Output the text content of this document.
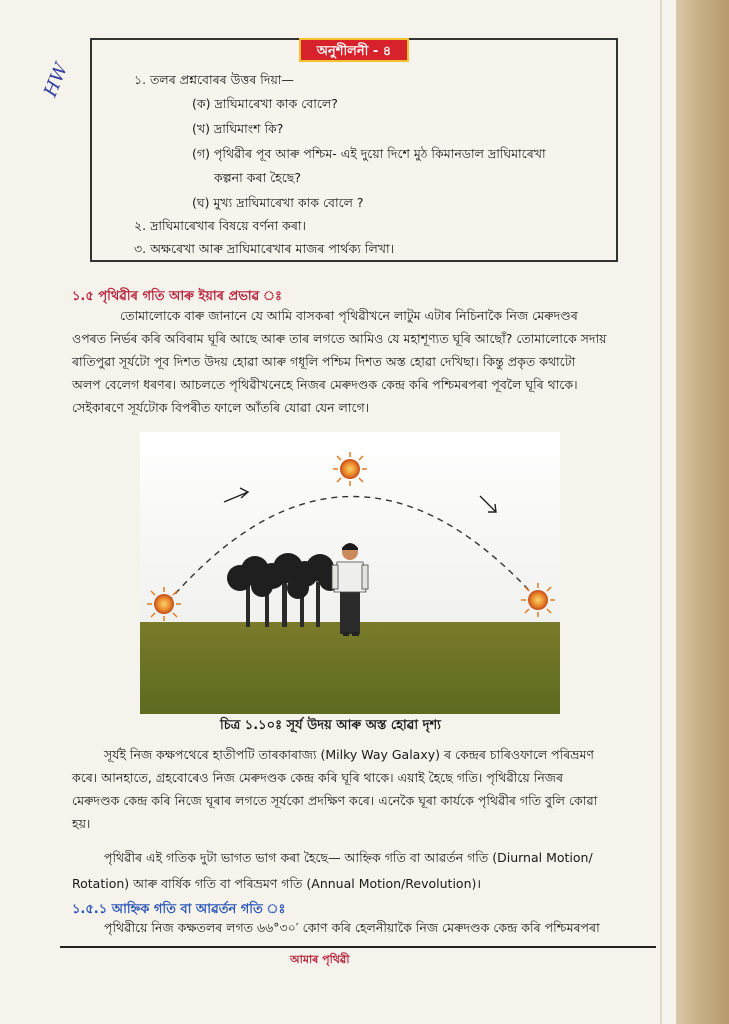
HW
অনুশীলনী - ৪
১. তলৰ প্ৰশ্নবোৰৰ উত্তৰ দিয়া—
(ক) দ্ৰাঘিমাৰেখা কাক বোলে?
(খ) দ্ৰাঘিমাংশ কি?
(গ) পৃথিৱীৰ পূব আৰু পশ্চিম- এই দুয়ো দিশে মুঠ কিমানডাল দ্ৰাঘিমাৰেখা
কল্পনা কৰা হৈছে?
(ঘ) মুখ্য দ্ৰাঘিমাৰেখা কাক বোলে ?
২. দ্ৰাঘিমাৰেখাৰ বিষয়ে বৰ্ণনা কৰা।
৩. অক্ষৰেখা আৰু দ্ৰাঘিমাৰেখাৰ মাজৰ পাৰ্থক্য লিখা।
১.৫ পৃথিৱীৰ গতি আৰু ইয়াৰ প্ৰভাৱ ঃ
তোমালোকে বাৰু জানানে যে আমি বাসকৰা পৃথিৱীখনে লাটুম এটাৰ নিচিনাকৈ নিজ মেৰুদণ্ডৰ
ওপৰত নিৰ্ভৰ কৰি অবিৰাম ঘূৰি আছে আৰু তাৰ লগতে আমিও যে মহাশূণ্যত ঘূৰি আছোঁ? তোমালোকে সদায়
ৰাতিপুৱা সূৰ্যটো পূব দিশত উদয় হোৱা আৰু গধূলি পশ্চিম দিশত অস্ত হোৱা দেখিছা। কিন্তু প্ৰকৃত কথাটো
অলপ বেলেগ ধৰণৰ। আচলতে পৃথিৱীখনেহে নিজৰ মেৰুদণ্ডক কেন্দ্ৰ কৰি পশ্চিমৰপৰা পূবলৈ ঘূৰি থাকে।
সেইকাৰণে সূৰ্যটোক বিপৰীত ফালে আঁতৰি যোৱা যেন লাগে।
চিত্ৰ ১.১০ঃ সূৰ্য উদয় আৰু অস্ত হোৱা দৃশ্য
সূৰ্যই নিজ কক্ষপথেৰে হাতীপটি তাৰকাৰাজ্য (Milky Way Galaxy) ৰ কেন্দ্ৰৰ চাৰিওফালে পৰিভ্ৰমণ
কৰে। আনহাতে, গ্ৰহবোৰেও নিজ মেৰুদণ্ডক কেন্দ্ৰ কৰি ঘূৰি থাকে। এয়াই হৈছে গতি। পৃথিৱীয়ে নিজৰ
মেৰুদণ্ডক কেন্দ্ৰ কৰি নিজে ঘূৰাৰ লগতে সূৰ্যকো প্ৰদক্ষিণ কৰে। এনেকৈ ঘূৰা কাৰ্যকে পৃথিৱীৰ গতি বুলি কোৱা
হয়।
পৃথিৱীৰ এই গতিক দুটা ভাগত ভাগ কৰা হৈছে— আহ্নিক গতি বা আৱৰ্তন গতি (Diurnal Motion/
Rotation) আৰু বাৰ্ষিক গতি বা পৰিভ্ৰমণ গতি (Annual Motion/Revolution)।
১.৫.১ আহ্নিক গতি বা আৱৰ্তন গতি ঃ
পৃথিৱীয়ে নিজ কক্ষতলৰ লগত ৬৬°৩০′ কোণ কৰি হেলনীয়াকৈ নিজ মেৰুদণ্ডক কেন্দ্ৰ কৰি পশ্চিমৰপৰা
আমাৰ পৃথিৱী
